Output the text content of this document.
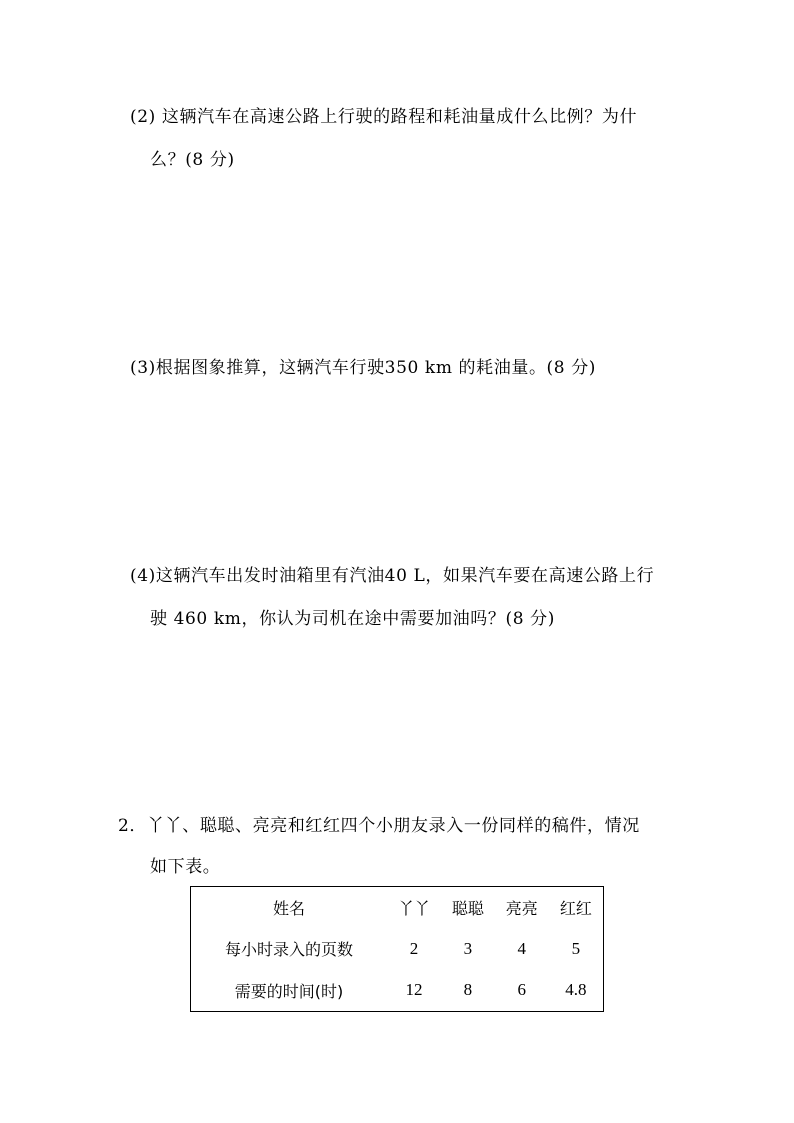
(2) 这辆汽车在高速公路上行驶的路程和耗油量成什么比例？为什
么？(8 分)
(3)根据图象推算，这辆汽车行驶350 km 的耗油量。(8 分)
(4)这辆汽车出发时油箱里有汽油40 L，如果汽车要在高速公路上行
驶 460 km，你认为司机在途中需要加油吗？(8 分)
2．丫丫、聪聪、亮亮和红红四个小朋友录入一份同样的稿件，情况
如下表。
姓名	丫丫	聪聪	亮亮	红红
每小时录入的页数	2	3	4	5
需要的时间(时)	12	8	6	4.8
